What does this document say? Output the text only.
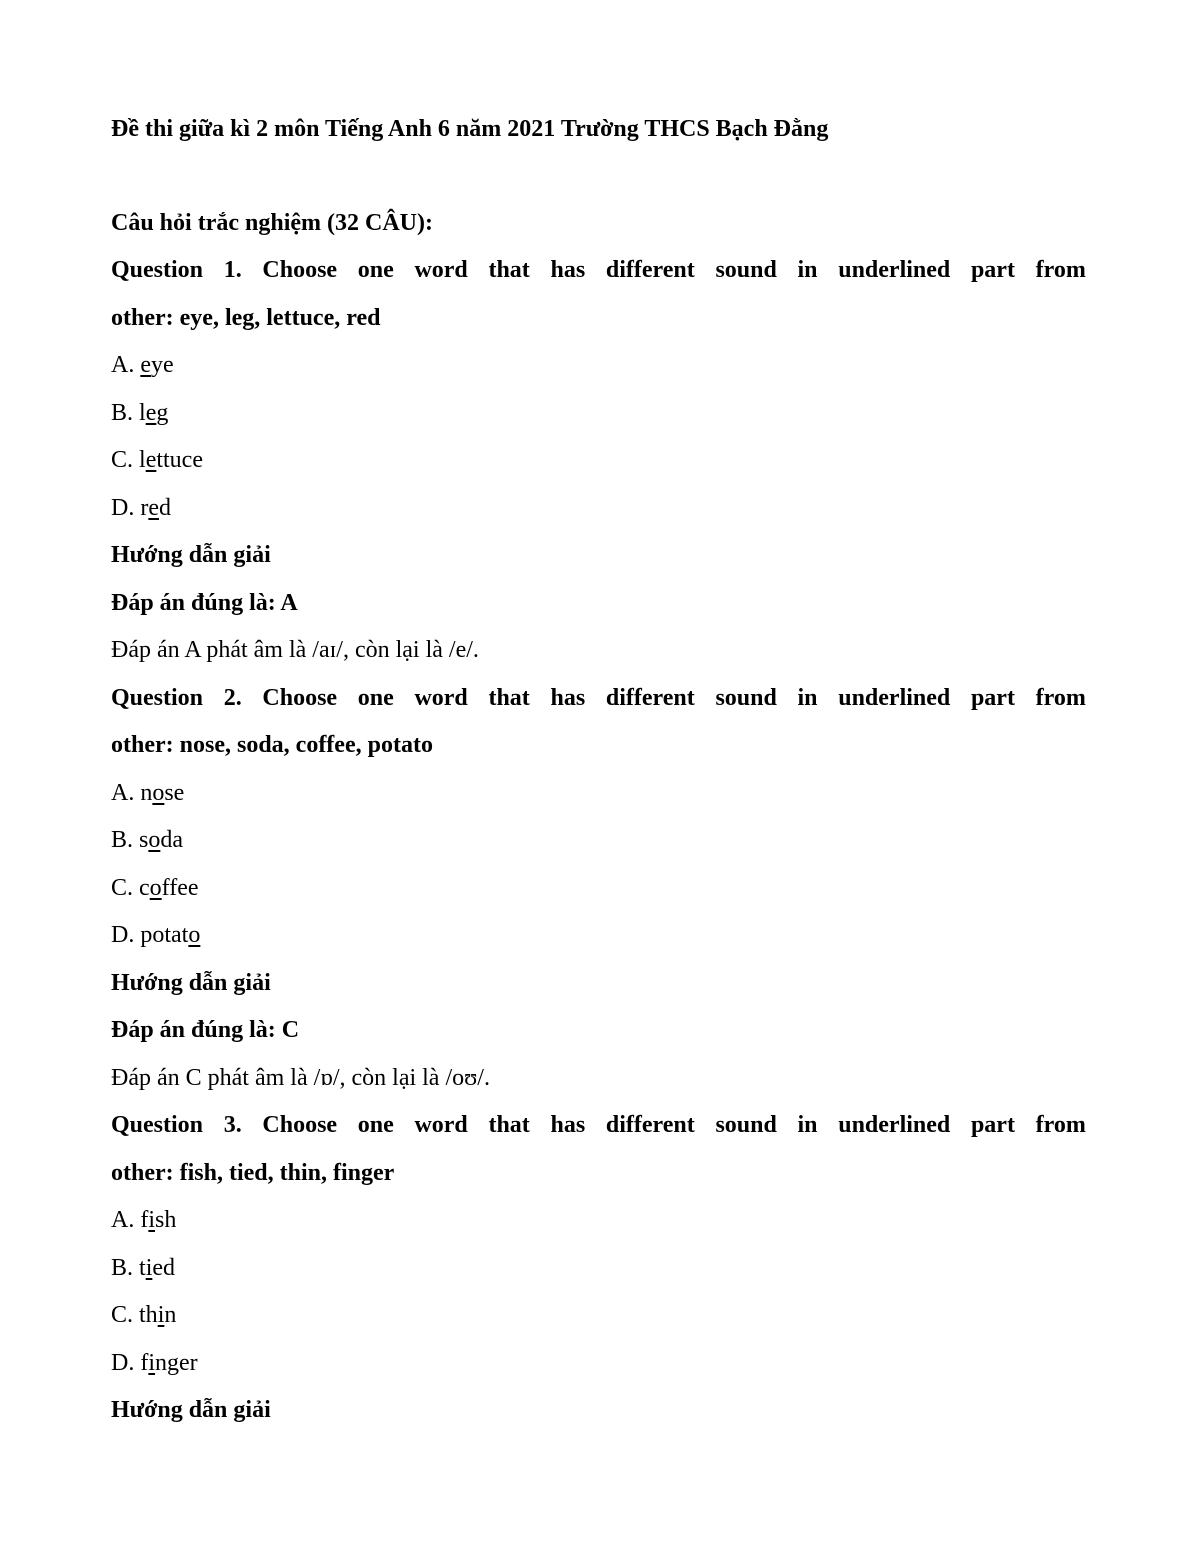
Đề thi giữa kì 2 môn Tiếng Anh 6 năm 2021 Trường THCS Bạch Đằng
Câu hỏi trắc nghiệm (32 CÂU):
Question 1. Choose one word that has different sound in underlined part from
other: eye, leg, lettuce, red
A. eye
B. leg
C. lettuce
D. red
Hướng dẫn giải
Đáp án đúng là: A
Đáp án A phát âm là /aɪ/, còn lại là /e/.
Question 2. Choose one word that has different sound in underlined part from
other: nose, soda, coffee, potato
A. nose
B. soda
C. coffee
D. potato
Hướng dẫn giải
Đáp án đúng là: C
Đáp án C phát âm là /ɒ/, còn lại là /oʊ/.
Question 3. Choose one word that has different sound in underlined part from
other: fish, tied, thin, finger
A. fish
B. tied
C. thin
D. finger
Hướng dẫn giải
